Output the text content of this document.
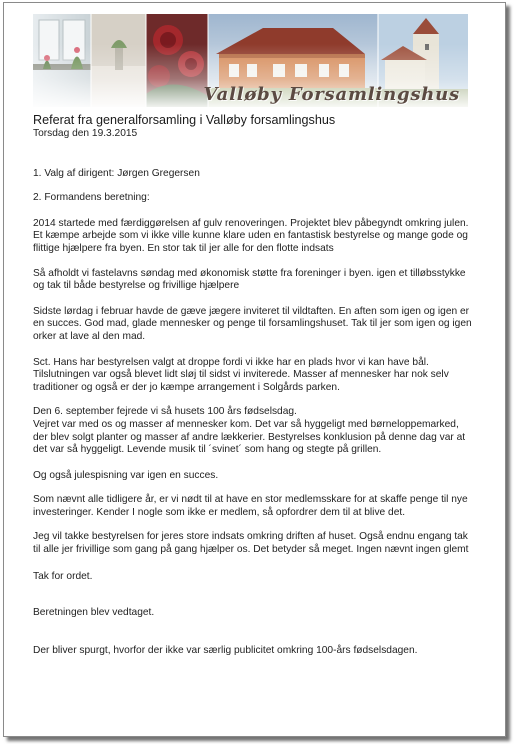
Valløby Forsamlingshus
Referat fra generalforsamling i Valløby forsamlingshus

Torsdag den 19.3.2015

1. Valg af dirigent: Jørgen Gregersen

2. Formandens beretning:

2014 startede med færdiggørelsen af gulv renoveringen. Projektet blev påbegyndt omkring julen. Et kæmpe arbejde som vi ikke ville kunne klare uden en fantastisk bestyrelse og mange gode og flittige hjælpere fra byen. En stor tak til jer alle for den flotte indsats

Så afholdt vi fastelavns søndag med økonomisk støtte fra foreninger i byen. igen et tilløbsstykke og tak til både bestyrelse og frivillige hjælpere

Sidste lørdag i februar havde de gæve jægere inviteret til vildtaften. En aften som igen og igen er en succes. God mad, glade mennesker og penge til forsamlingshuset. Tak til jer som igen og igen orker at lave al den mad.

Sct. Hans har bestyrelsen valgt at droppe fordi vi ikke har en plads hvor vi kan have bål. Tilslutningen var også blevet lidt sløj til sidst vi inviterede. Masser af mennesker har nok selv traditioner og også er der jo kæmpe arrangement i Solgårds parken.

Den 6. september fejrede vi så husets 100 års fødselsdag.
Vejret var med os og masser af mennesker kom. Det var så hyggeligt med børneloppemarked, der blev solgt planter og masser af andre lækkerier. Bestyrelses konklusion på denne dag var at det var så hyggeligt. Levende musik til ´svinet´ som hang og stegte på grillen.

Og også julespisning var igen en succes.

Som nævnt alle tidligere år, er vi nødt til at have en stor medlemsskare for at skaffe penge til nye investeringer. Kender I nogle som ikke er medlem, så opfordrer dem til at blive det.

Jeg vil takke bestyrelsen for jeres store indsats omkring driften af huset. Også endnu engang tak til alle jer frivillige som gang på gang hjælper os. Det betyder så meget. Ingen nævnt ingen glemt

Tak for ordet.

Beretningen blev vedtaget.

Der bliver spurgt, hvorfor der ikke var særlig publicitet omkring 100-års fødselsdagen.
